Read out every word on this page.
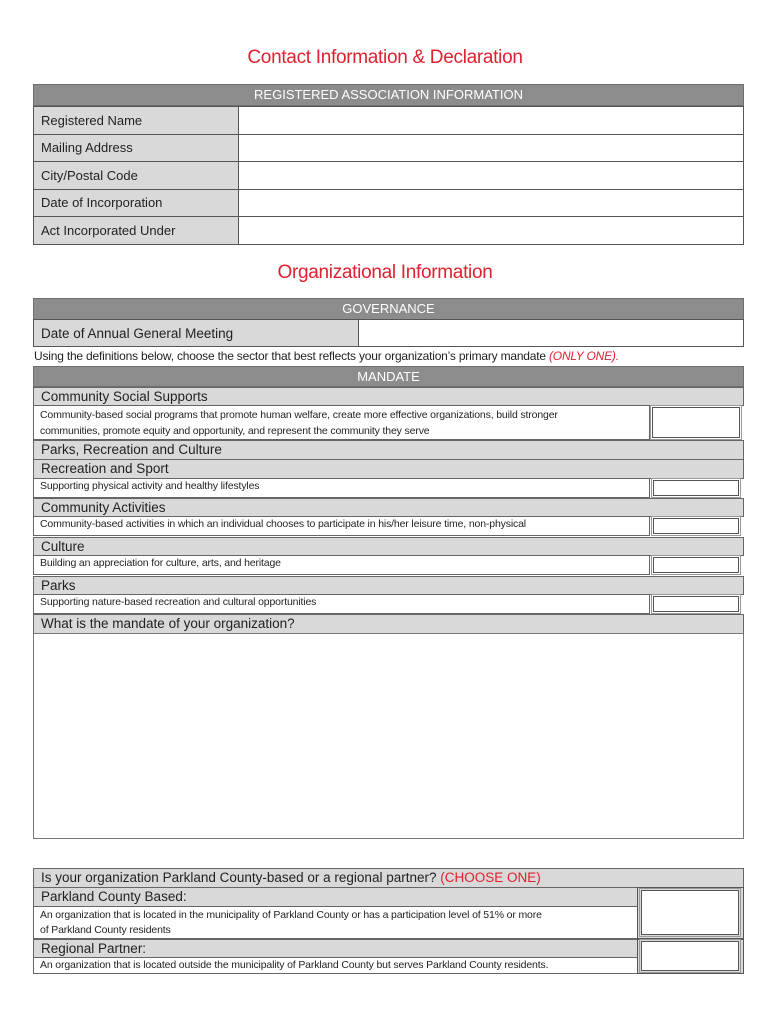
Contact Information & Declaration
REGISTERED ASSOCIATION INFORMATION
Registered Name	
Mailing Address	
City/Postal Code	
Date of Incorporation	
Act Incorporated Under	
Organizational Information
GOVERNANCE
Date of Annual General Meeting
Using the definitions below, choose the sector that best reflects your organization’s primary mandate (ONLY ONE).
MANDATE
Community Social Supports
Community-based social programs that promote human welfare, create more effective organizations, build stronger
communities, promote equity and opportunity, and represent the community they serve
Parks, Recreation and Culture
Recreation and Sport
Supporting physical activity and healthy lifestyles
Community Activities
Community-based activities in which an individual chooses to participate in his/her leisure time, non-physical
Culture
Building an appreciation for culture, arts, and heritage
Parks
Supporting nature-based recreation and cultural opportunities
What is the mandate of your organization?
Is your organization Parkland County-based or a regional partner? (CHOOSE ONE)
Parkland County Based:
An organization that is located in the municipality of Parkland County or has a participation level of 51% or more
of Parkland County residents
Regional Partner:
An organization that is located outside the municipality of Parkland County but serves Parkland County residents.
